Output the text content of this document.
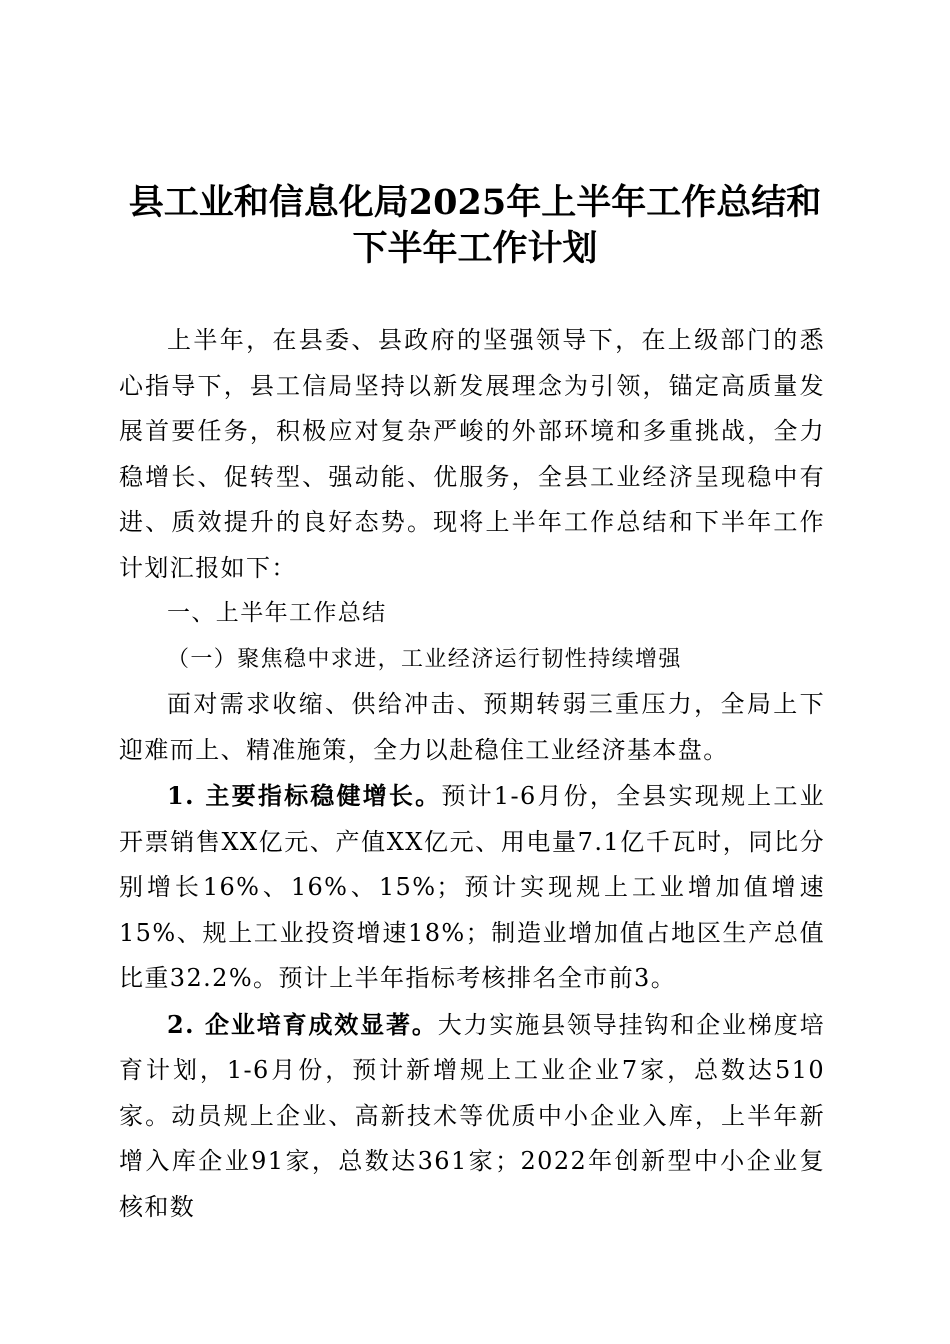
县工业和信息化局2025年上半年工作总结和
下半年工作计划

上半年，在县委、县政府的坚强领导下，在上级部门的悉心指导下，县工信局坚持以新发展理念为引领，锚定高质量发展首要任务，积极应对复杂严峻的外部环境和多重挑战，全力稳增长、促转型、强动能、优服务，全县工业经济呈现稳中有进、质效提升的良好态势。现将上半年工作总结和下半年工作计划汇报如下：

一、上半年工作总结

（一）聚焦稳中求进，工业经济运行韧性持续增强

面对需求收缩、供给冲击、预期转弱三重压力，全局上下迎难而上、精准施策，全力以赴稳住工业经济基本盘。

1. 主要指标稳健增长。预计1-6月份，全县实现规上工业开票销售XX亿元、产值XX亿元、用电量7.1亿千瓦时，同比分别增长16%、16%、15%；预计实现规上工业增加值增速15%、规上工业投资增速18%；制造业增加值占地区生产总值比重32.2%。预计上半年指标考核排名全市前3。

2. 企业培育成效显著。大力实施县领导挂钩和企业梯度培育计划，1-6月份，预计新增规上工业企业7家，总数达510家。动员规上企业、高新技术等优质中小企业入库，上半年新增入库企业91家，总数达361家；2022年创新型中小企业复核和数
